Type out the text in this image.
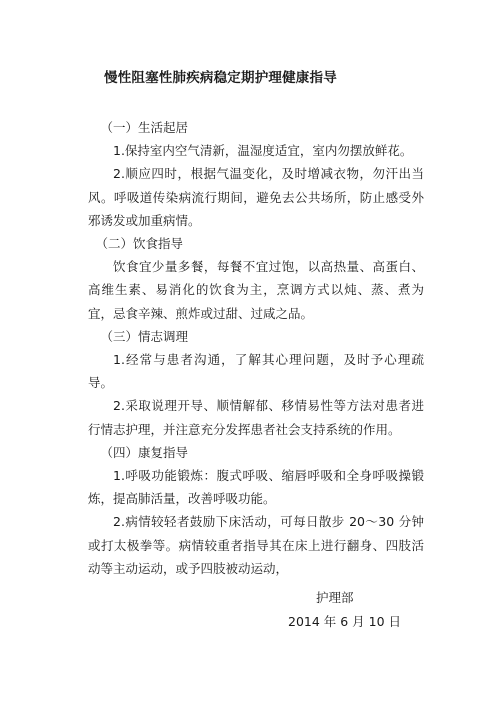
慢性阻塞性肺疾病稳定期护理健康指导

（一）生活起居

1.保持室内空气清新，温湿度适宜，室内勿摆放鲜花。

2.顺应四时，根据气温变化，及时增减衣物，勿汗出当风。呼吸道传染病流行期间，避免去公共场所，防止感受外邪诱发或加重病情。

（二）饮食指导

饮食宜少量多餐，每餐不宜过饱，以高热量、高蛋白、高维生素、易消化的饮食为主，烹调方式以炖、蒸、煮为宜，忌食辛辣、煎炸或过甜、过咸之品。

（三）情志调理

1.经常与患者沟通，了解其心理问题，及时予心理疏导。

2.采取说理开导、顺情解郁、移情易性等方法对患者进行情志护理，并注意充分发挥患者社会支持系统的作用。

（四）康复指导

1.呼吸功能锻炼：腹式呼吸、缩唇呼吸和全身呼吸操锻炼，提高肺活量，改善呼吸功能。

2.病情较轻者鼓励下床活动，可每日散步 20～30 分钟或打太极拳等。病情较重者指导其在床上进行翻身、四肢活动等主动运动，或予四肢被动运动，

护理部
2014 年 6 月 10 日
